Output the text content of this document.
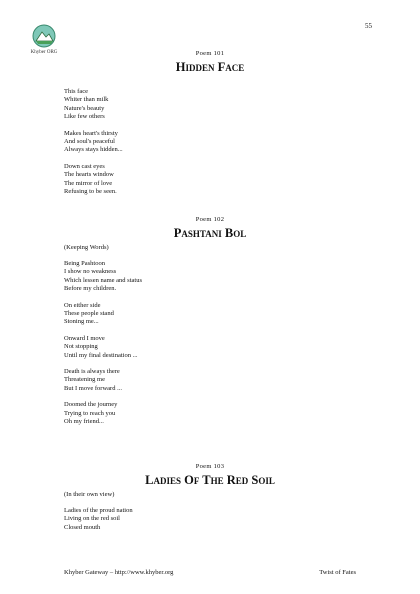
55
Khyber ORG	Poem 101
Hidden Face
This face
Whiter than milk
Nature's beauty
Like few others
Makes heart's thirsty
And soul's peaceful
Always stays hidden...
Down cast eyes
The hearts window
The mirror of love
Refusing to be seen.
Poem 102
Pashtani Bol
(Keeping Words)
Being Pashtoon
I show no weakness
Which lessen name and status
Before my children.
On either side
These people stand
Stoning me...
Onward I move
Not stopping
Until my final destination ...
Death is always there
Threatening me
But I move forward ...
Doomed the journey
Trying to reach you
Oh my friend...
Poem 103
Ladies Of The Red Soil
(In their own view)
Ladies of the proud nation
Living on the red soil
Closed mouth
Khyber Gateway – http://www.khyber.org	Twist of Fates
